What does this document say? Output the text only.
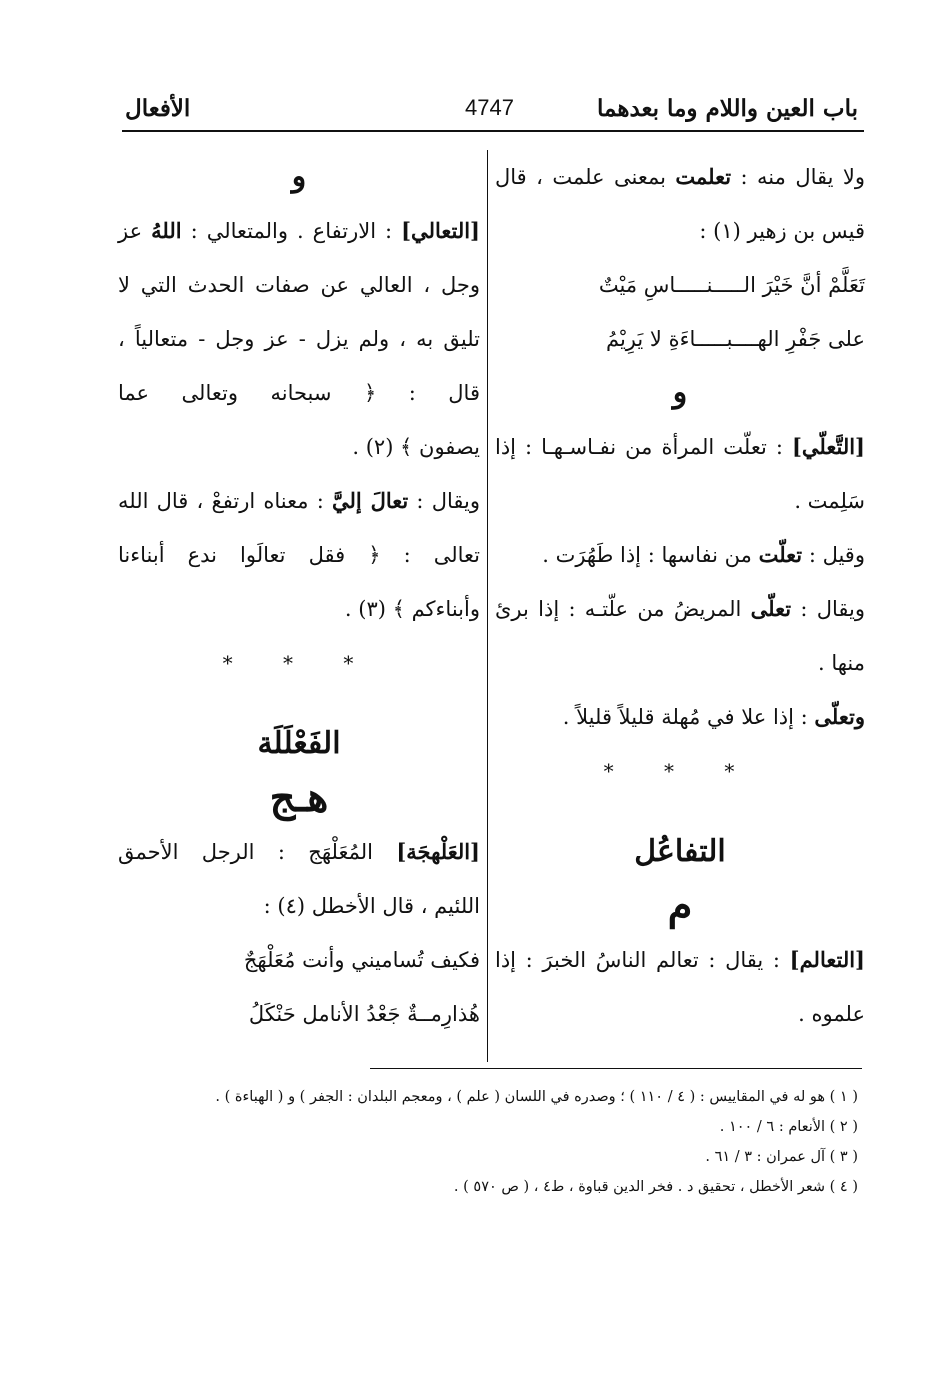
باب العين واللام وما بعدهما
4747
الأفعال
ولا يقال منه : تعلمت بمعنى علمت ، قال
قيس بن زهير (١) :
تَعَلَّمْ أنَّ خَيْرَ الـــــنـــــاسِ مَيْتٌ
على جَفْرِ الهــــبـــــاءَةِ لا يَرِيْمُ
و
[التَّعلّي] : تعلّت المرأة من نفـاسـهـا : إذا
سَلِمت .
وقيل : تعلّت من نفاسها : إذا طَهُرَت .
ويقال : تعلّى المريضُ من علّتـه : إذا برئ
منها .
وتعلّى : إذا علا في مُهلة قليلاً قليلاً .
* * *
التفاعُل
م
[التعالم] : يقال : تعالم الناسُ الخبرَ : إذا
علموه .
و
[التعالي] : الارتفاع . والمتعالي : اللهُ عز
وجل ، العالي عن صفات الحدث التي لا
تليق به ، ولم يزل - عز وجل - متعالياً ،
قال : ﴿ سبحانه وتعالى عما
يصفون ﴾ (٢) .
ويقال : تعالَ إليَّ : معناه ارتفعْ ، قال الله
تعالى : ﴿ فقل تعالَوا ندع أبناءنا
وأبناءكم ﴾ (٣) .
* * *
الفَعْلَلَة
هـج
[العَلْهجَة] المُعَلْهَج : الرجل الأحمق
اللئيم ، قال الأخطل (٤) :
فكيف تُساميني وأنت مُعَلْهَجٌ
هُذارِمــةٌ جَعْدُ الأنامل حَنْكَلُ
( ١ ) هو له في المقاييس : ( ٤ / ١١٠ ) ؛ وصدره في اللسان ( علم ) ، ومعجم البلدان : الجفر ) و ( الهباءة ) .
( ٢ ) الأنعام : ٦ / ١٠٠ .
( ٣ ) آل عمران : ٣ / ٦١ .
( ٤ ) شعر الأخطل ، تحقيق د . فخر الدين قباوة ، ط٤ ، ( ص ٥٧٠ ) .
